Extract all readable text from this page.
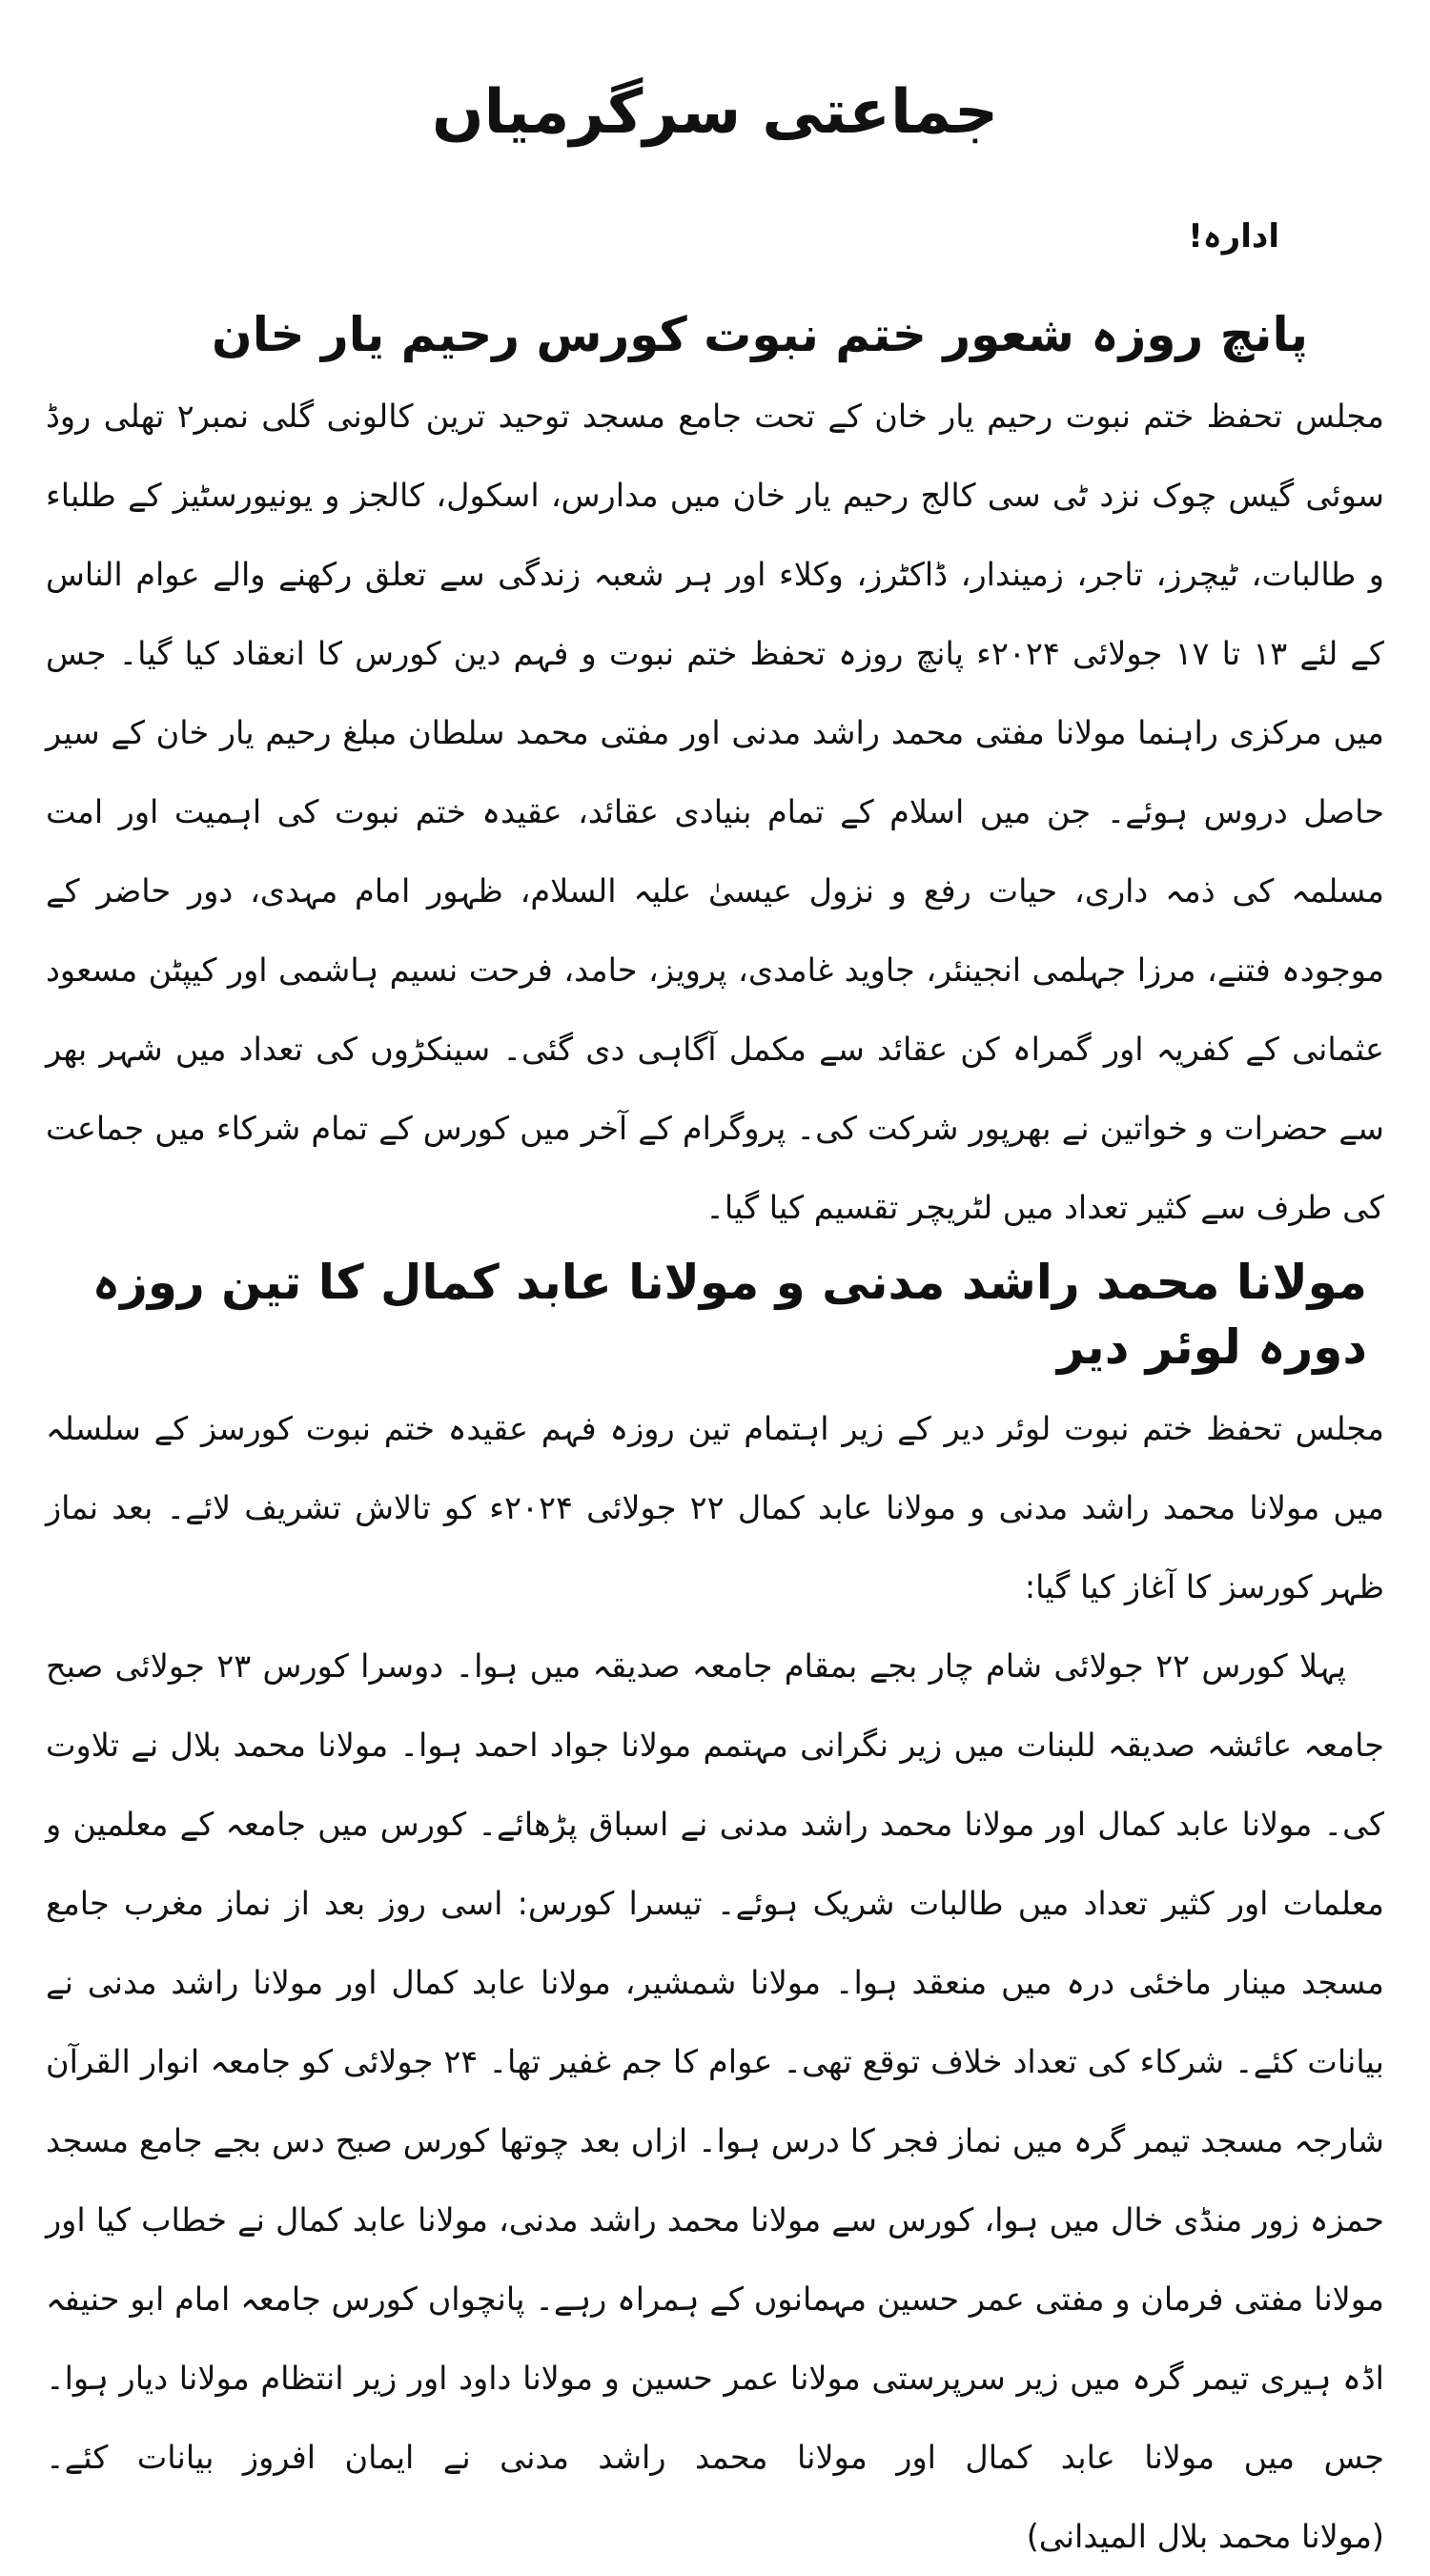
جماعتی سرگرمیاں
ادارہ!
پانچ روزہ شعور ختم نبوت کورس رحیم یار خان

مجلس تحفظ ختم نبوت رحیم یار خان کے تحت جامع مسجد توحید ترین کالونی گلی نمبر۲ تھلی روڈ سوئی گیس چوک نزد ٹی سی کالج رحیم یار خان میں مدارس، اسکول، کالجز و یونیورسٹیز کے طلباء و طالبات، ٹیچرز، تاجر، زمیندار، ڈاکٹرز، وکلاء اور ہر شعبہ زندگی سے تعلق رکھنے والے عوام الناس کے لئے ۱۳ تا ۱۷ جولائی ۲۰۲۴ء پانچ روزہ تحفظ ختم نبوت و فہم دین کورس کا انعقاد کیا گیا۔ جس میں مرکزی راہنما مولانا مفتی محمد راشد مدنی اور مفتی محمد سلطان مبلغ رحیم یار خان کے سیر حاصل دروس ہوئے۔ جن میں اسلام کے تمام بنیادی عقائد، عقیدہ ختم نبوت کی اہمیت اور امت مسلمہ کی ذمہ داری، حیات رفع و نزول عیسیٰ علیہ السلام، ظہور امام مہدی، دور حاضر کے موجودہ فتنے، مرزا جہلمی انجینئر، جاوید غامدی، پرویز، حامد، فرحت نسیم ہاشمی اور کیپٹن مسعود عثمانی کے کفریہ اور گمراہ کن عقائد سے مکمل آگاہی دی گئی۔ سینکڑوں کی تعداد میں شہر بھر سے حضرات و خواتین نے بھرپور شرکت کی۔ پروگرام کے آخر میں کورس کے تمام شرکاء میں جماعت کی طرف سے کثیر تعداد میں لٹریچر تقسیم کیا گیا۔

مولانا محمد راشد مدنی و مولانا عابد کمال کا تین روزہ دورہ لوئر دیر

مجلس تحفظ ختم نبوت لوئر دیر کے زیر اہتمام تین روزہ فہم عقیدہ ختم نبوت کورسز کے سلسلہ میں مولانا محمد راشد مدنی و مولانا عابد کمال ۲۲ جولائی ۲۰۲۴ء کو تالاش تشریف لائے۔ بعد نماز ظہر کورسز کا آغاز کیا گیا:

پہلا کورس ۲۲ جولائی شام چار بجے بمقام جامعہ صدیقہ میں ہوا۔ دوسرا کورس ۲۳ جولائی صبح جامعہ عائشہ صدیقہ للبنات میں زیر نگرانی مہتمم مولانا جواد احمد ہوا۔ مولانا محمد بلال نے تلاوت کی۔ مولانا عابد کمال اور مولانا محمد راشد مدنی نے اسباق پڑھائے۔ کورس میں جامعہ کے معلمین و معلمات اور کثیر تعداد میں طالبات شریک ہوئے۔ تیسرا کورس: اسی روز بعد از نماز مغرب جامع مسجد مینار ماخئی درہ میں منعقد ہوا۔ مولانا شمشیر، مولانا عابد کمال اور مولانا راشد مدنی نے بیانات کئے۔ شرکاء کی تعداد خلاف توقع تھی۔ عوام کا جم غفیر تھا۔ ۲۴ جولائی کو جامعہ انوار القرآن شارجہ مسجد تیمر گرہ میں نماز فجر کا درس ہوا۔ ازاں بعد چوتھا کورس صبح دس بجے جامع مسجد حمزہ زور منڈی خال میں ہوا، کورس سے مولانا محمد راشد مدنی، مولانا عابد کمال نے خطاب کیا اور مولانا مفتی فرمان و مفتی عمر حسین مہمانوں کے ہمراہ رہے۔ پانچواں کورس جامعہ امام ابو حنیفہ اڈہ ہیری تیمر گرہ میں زیر سرپرستی مولانا عمر حسین و مولانا داود اور زیر انتظام مولانا دیار ہوا۔ جس میں مولانا عابد کمال اور مولانا محمد راشد مدنی نے ایمان افروز بیانات کئے۔ (مولانا محمد بلال المیدانی)
